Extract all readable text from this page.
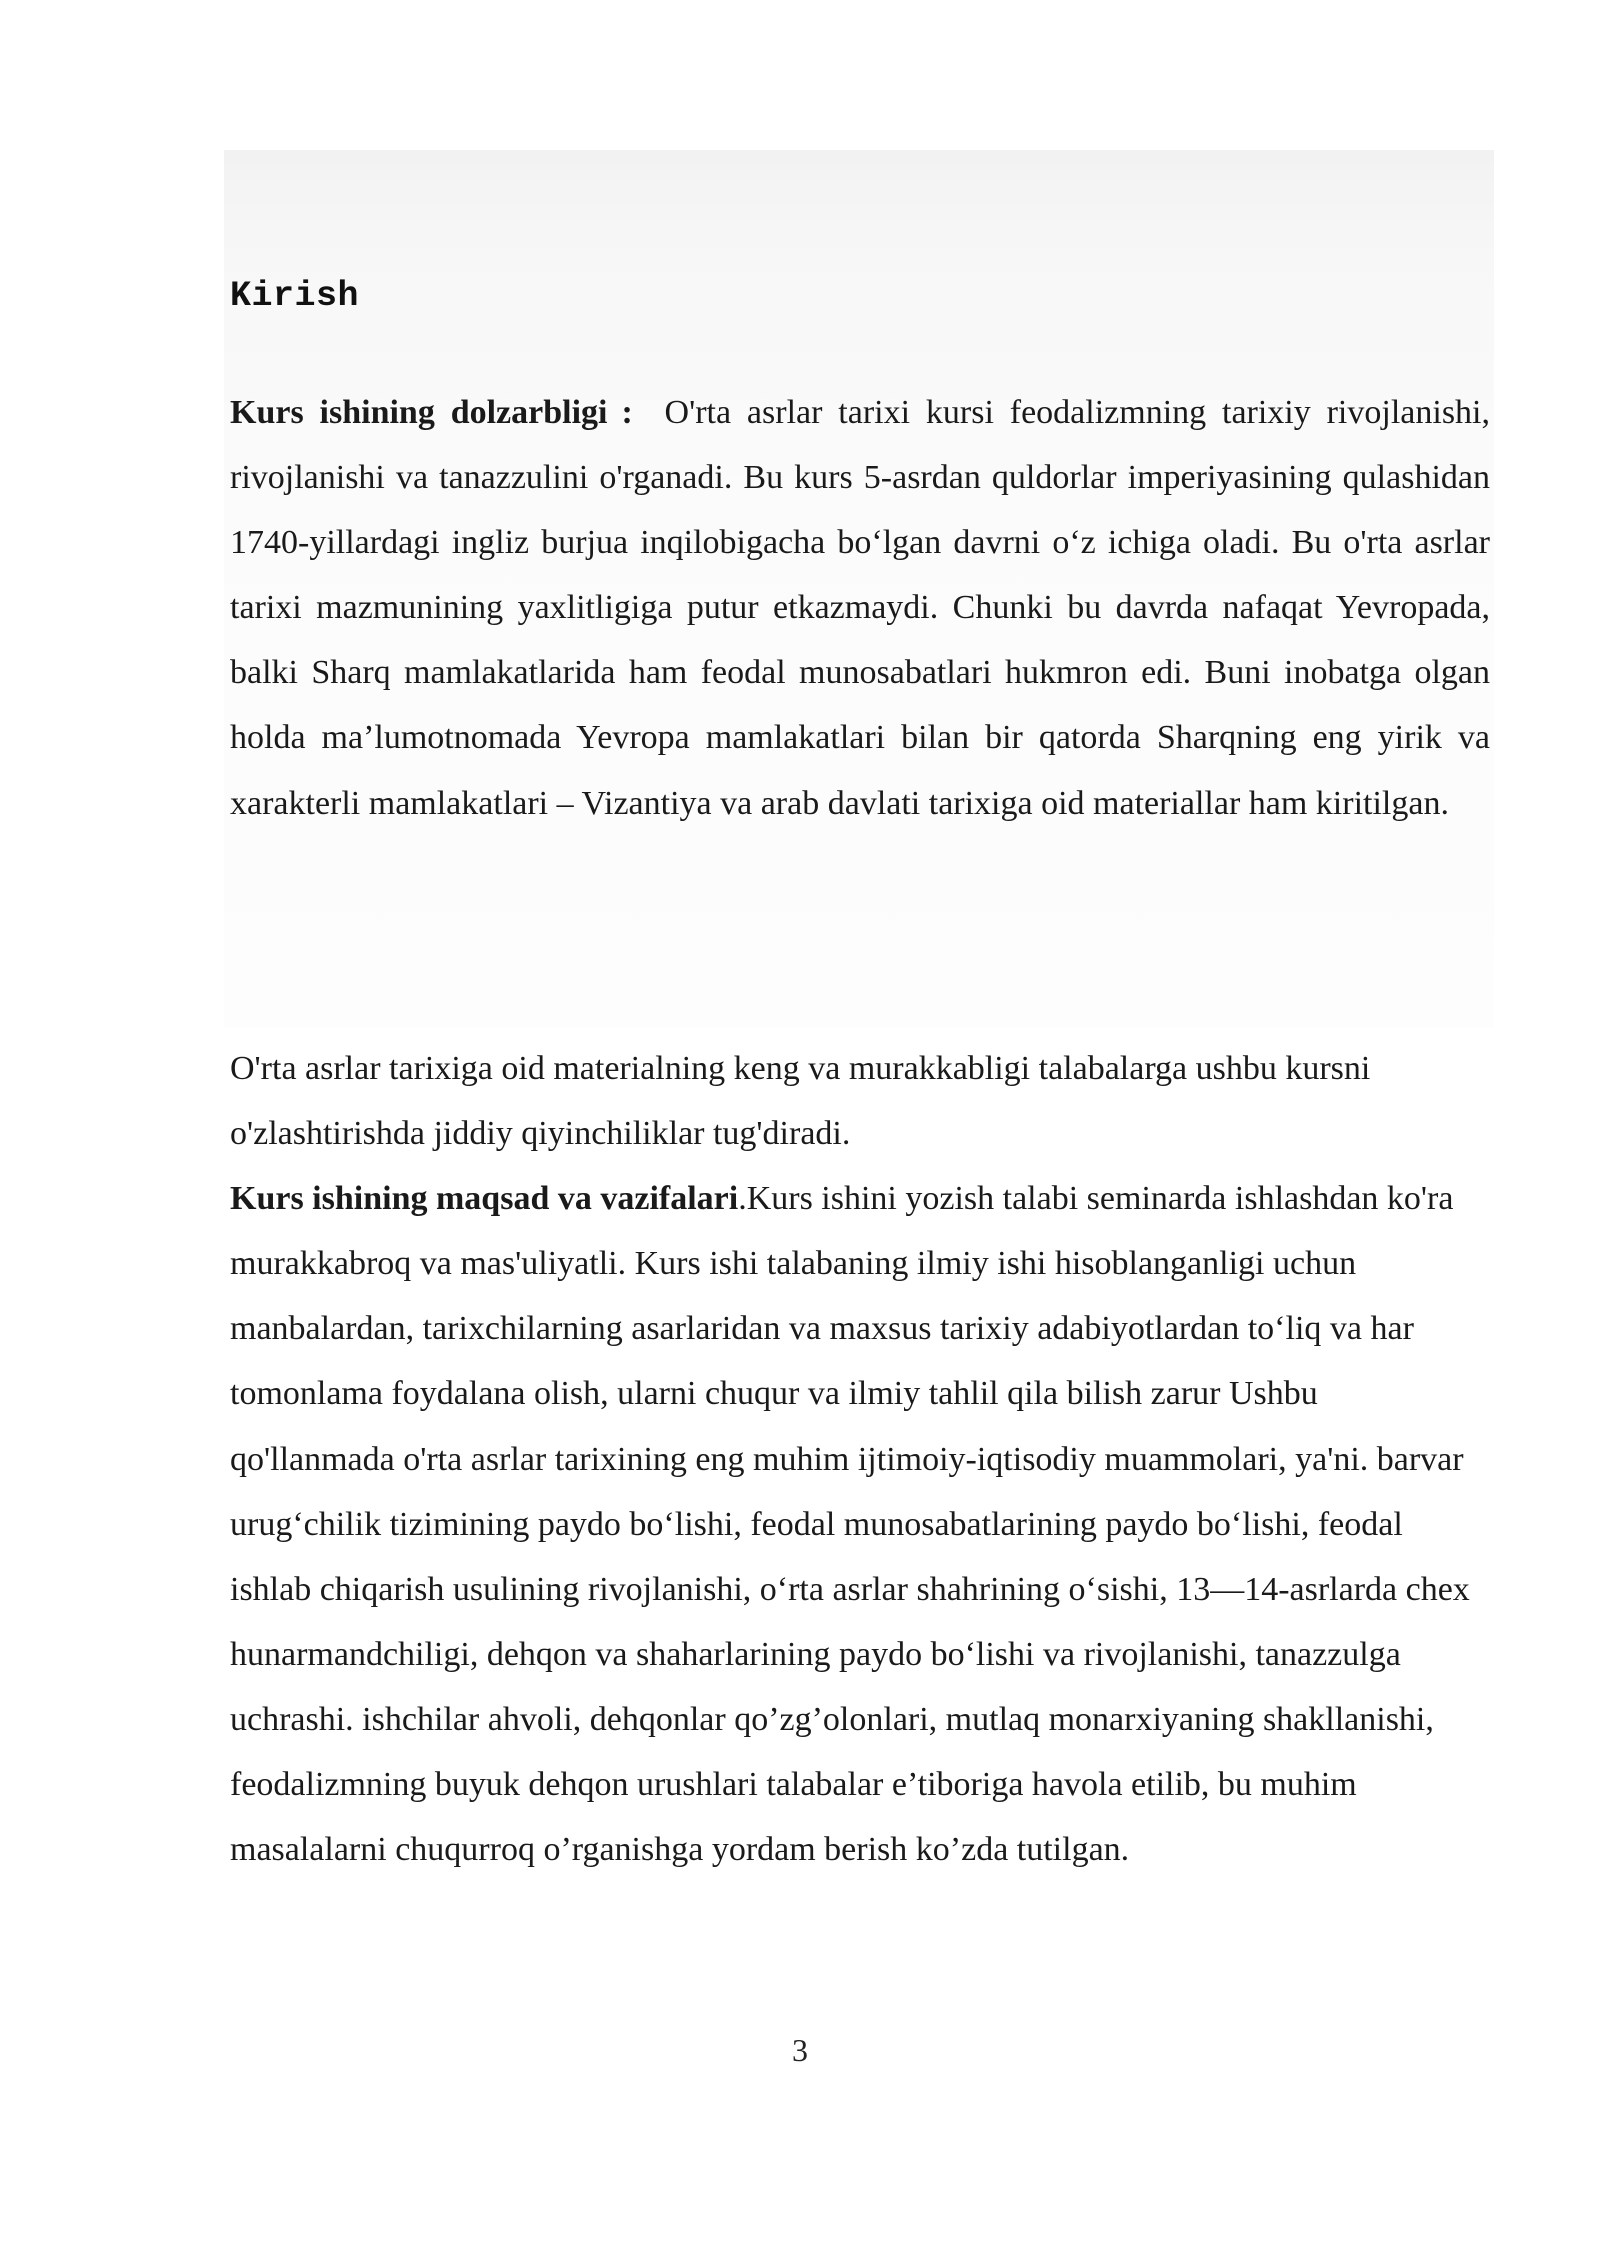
Kirish
Kurs ishining dolzarbligi : O'rta asrlar tarixi kursi feodalizmning tarixiy rivojlanishi, rivojlanishi va tanazzulini o'rganadi. Bu kurs 5-asrdan quldorlar imperiyasining qulashidan 1740-yillardagi ingliz burjua inqilobigacha bo‘lgan davrni o‘z ichiga oladi. Bu o'rta asrlar tarixi mazmunining yaxlitligiga putur etkazmaydi. Chunki bu davrda nafaqat Yevropada, balki Sharq mamlakatlarida ham feodal munosabatlari hukmron edi. Buni inobatga olgan holda ma’lumotnomada Yevropa mamlakatlari bilan bir qatorda Sharqning eng yirik va xarakterli mamlakatlari – Vizantiya va arab davlati tarixiga oid materiallar ham kiritilgan.
O'rta asrlar tarixiga oid materialning keng va murakkabligi talabalarga ushbu kursni o'zlashtirishda jiddiy qiyinchiliklar tug'diradi.
Kurs ishining maqsad va vazifalari.Kurs ishini yozish talabi seminarda ishlashdan ko'ra murakkabroq va mas'uliyatli. Kurs ishi talabaning ilmiy ishi hisoblanganligi uchun manbalardan, tarixchilarning asarlaridan va maxsus tarixiy adabiyotlardan to‘liq va har tomonlama foydalana olish, ularni chuqur va ilmiy tahlil qila bilish zarur Ushbu qo'llanmada o'rta asrlar tarixining eng muhim ijtimoiy-iqtisodiy muammolari, ya'ni. barvar urug‘chilik tizimining paydo bo‘lishi, feodal munosabatlarining paydo bo‘lishi, feodal ishlab chiqarish usulining rivojlanishi, o‘rta asrlar shahrining o‘sishi, 13—14-asrlarda chex hunarmandchiligi, dehqon va shaharlarining paydo bo‘lishi va rivojlanishi, tanazzulga uchrashi. ishchilar ahvoli, dehqonlar qo’zg’olonlari, mutlaq monarxiyaning shakllanishi, feodalizmning buyuk dehqon urushlari talabalar e’tiboriga havola etilib, bu muhim masalalarni chuqurroq o’rganishga yordam berish ko’zda tutilgan.
3
